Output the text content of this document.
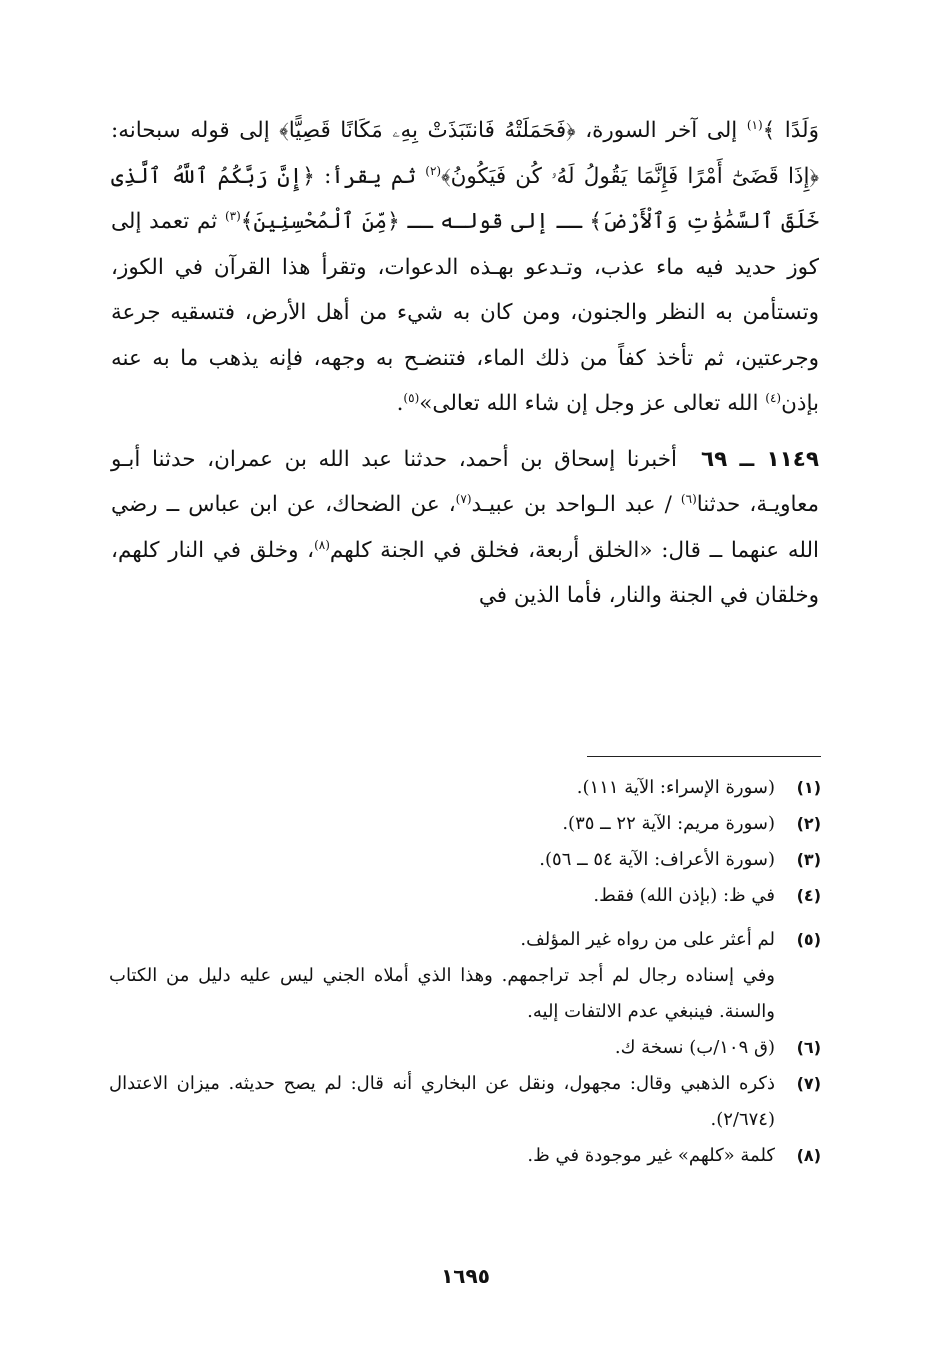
وَلَدًا ﴾$^{(١)}$ إلى آخر السورة، ﴿فَحَمَلَتْهُ فَانتَبَذَتْ بِهِۦ مَكَانًا قَصِيًّا﴾ إلى قوله سبحانه: ﴿إِذَا قَضَىٰٓ أَمْرًا فَإِنَّمَا يَقُولُ لَهُۥ كُن فَيَكُونُ﴾$^{(٢)}$ ثم يقرأ: ﴿إِنَّ رَبَّكُمُ ٱللَّهُ ٱلَّذِى خَلَقَ ٱلسَّمَٰوَٰتِ وَٱلْأَرْضَ﴾ ــ إلى قولـه ــ ﴿مِّنَ ٱلْمُحْسِنِينَ﴾$^{(٣)}$ ثم تعمد إلى كوز حديد فيه ماء عذب، وتـدعو بهـذه الدعوات، وتقرأ هذا القرآن في الكوز، وتستأمن به النظر والجنون، ومن كان به شيء من أهل الأرض، فتسقيه جرعة وجرعتين، ثم تأخذ كفاً من ذلك الماء، فتنضـح به وجهه، فإنه يذهب ما به عنه بإذن$^{(٤)}$ الله تعالى عز وجل إن شاء الله تعالى»$^{(٥)}$.

١١٤٩ ــ ٦٩أخبرنا إسحاق بن أحمد، حدثنا عبد الله بن عمران، حدثنا أبـو معاويـة، حدثنا$^{(٦)}$ / عبد الـواحد بن عبيـد$^{(٧)}$، عن الضحاك، عن ابن عباس ــ رضي الله عنهما ــ قال: «الخلق أربعة، فخلق في الجنة كلهم$^{(٨)}$، وخلق في النار كلهم، وخلقان في الجنة والنار، فأما الذين في

(١)
(سورة الإسراء: الآية ١١١).
(٢)
(سورة مريم: الآية ٢٢ ــ ٣٥).
(٣)
(سورة الأعراف: الآية ٥٤ ــ ٥٦).
(٤)
في ظ: (بإذن الله) فقط.
(٥)
لم أعثر على من رواه غير المؤلف.
وفي إسناده رجال لم أجد تراجمهم. وهذا الذي أملاه الجني ليس عليه دليل من الكتاب والسنة. فينبغي عدم الالتفات إليه.
(٦)
(ق ١٠٩/ب) نسخة ك.
(٧)
ذكره الذهبي وقال: مجهول، ونقل عن البخاري أنه قال: لم يصح حديثه. ميزان الاعتدال (٢/٦٧٤).
(٨)
كلمة «كلهم» غير موجودة في ظ.
١٦٩٥
